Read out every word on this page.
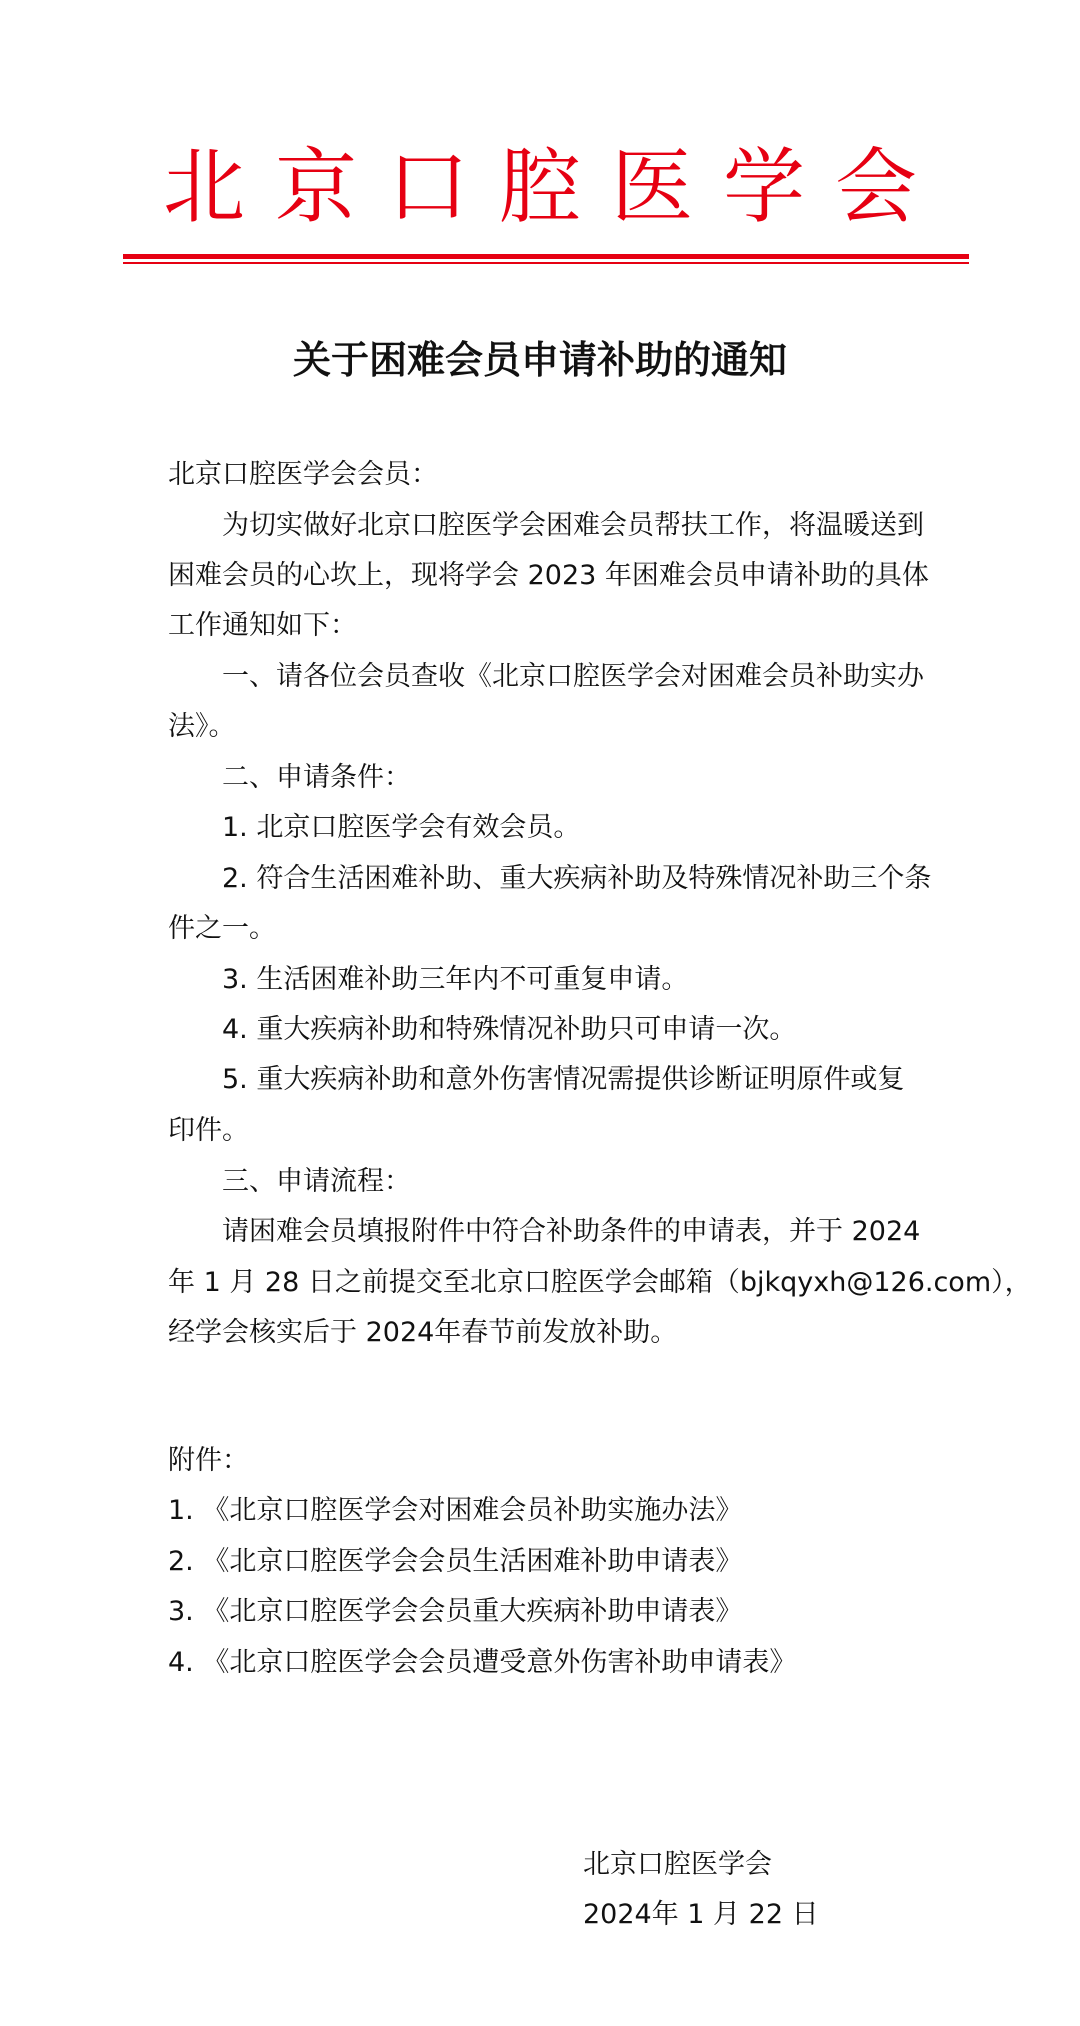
北京口腔医学会
关于困难会员申请补助的通知
北京口腔医学会会员：
为切实做好北京口腔医学会困难会员帮扶工作，将温暖送到
困难会员的心坎上，现将学会 2023 年困难会员申请补助的具体
工作通知如下：
一、请各位会员查收《北京口腔医学会对困难会员补助实办
法》。
二、申请条件：
1. 北京口腔医学会有效会员。
2. 符合生活困难补助、重大疾病补助及特殊情况补助三个条
件之一。
3. 生活困难补助三年内不可重复申请。
4. 重大疾病补助和特殊情况补助只可申请一次。
5. 重大疾病补助和意外伤害情况需提供诊断证明原件或复
印件。
三、申请流程：
请困难会员填报附件中符合补助条件的申请表，并于 2024
年 1 月 28 日之前提交至北京口腔医学会邮箱（bjkqyxh@126.com），
经学会核实后于 2024年春节前发放补助。
附件：
1. 《北京口腔医学会对困难会员补助实施办法》
2. 《北京口腔医学会会员生活困难补助申请表》
3. 《北京口腔医学会会员重大疾病补助申请表》
4. 《北京口腔医学会会员遭受意外伤害补助申请表》
北京口腔医学会
2024年 1 月 22 日
